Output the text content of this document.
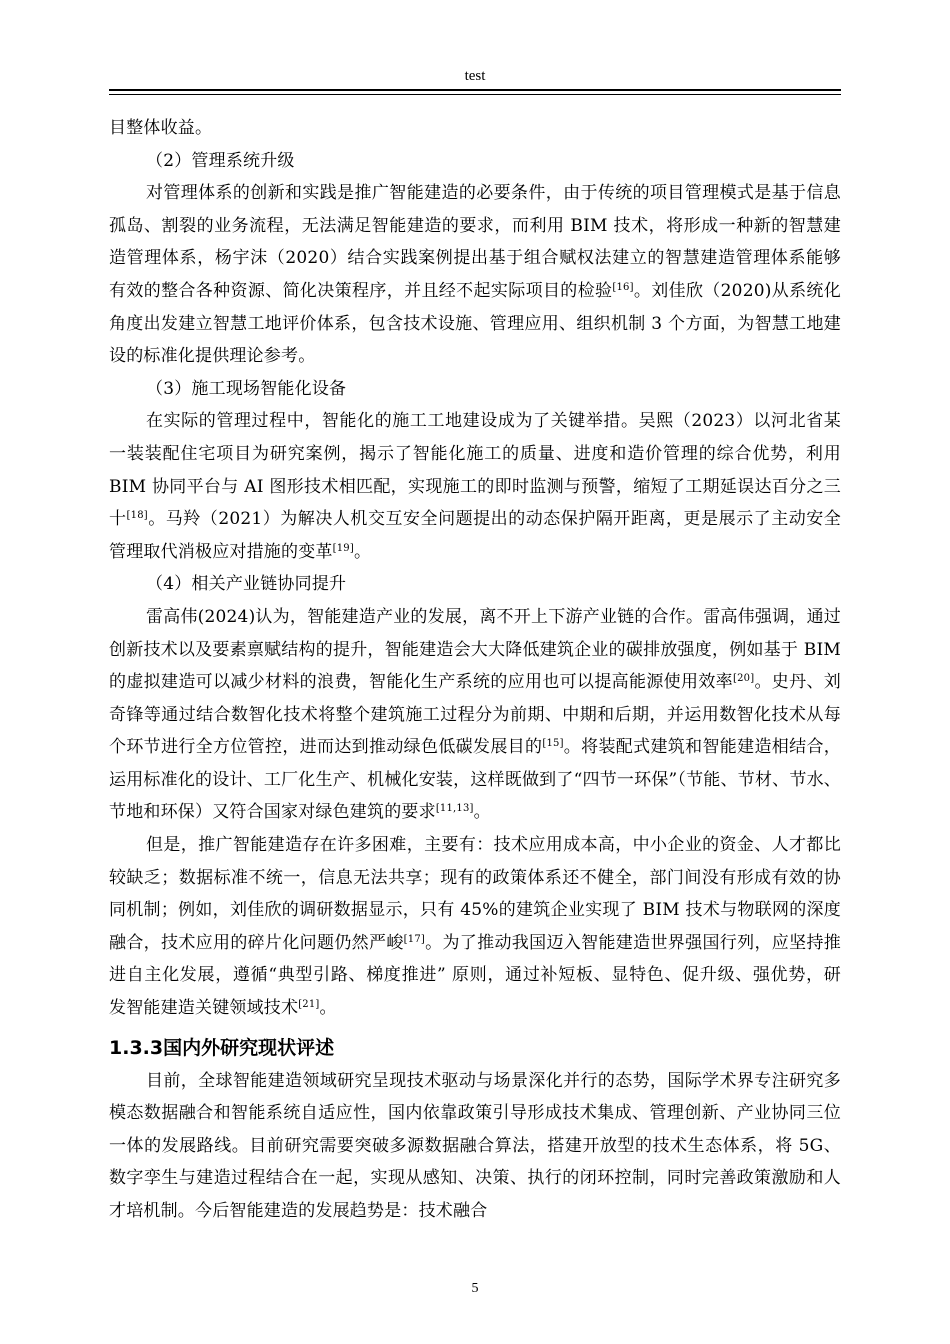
test

目整体收益。

（2）管理系统升级

对管理体系的创新和实践是推广智能建造的必要条件，由于传统的项目管理模式是基于信息孤岛、割裂的业务流程，无法满足智能建造的要求，而利用 BIM 技术，将形成一种新的智慧建造管理体系，杨宇沫（2020）结合实践案例提出基于组合赋权法建立的智慧建造管理体系能够有效的整合各种资源、简化决策程序，并且经不起实际项目的检验[16]。刘佳欣（2020)从系统化角度出发建立智慧工地评价体系，包含技术设施、管理应用、组织机制 3 个方面，为智慧工地建设的标准化提供理论参考。

（3）施工现场智能化设备

在实际的管理过程中，智能化的施工工地建设成为了关键举措。吴熙（2023）以河北省某一装装配住宅项目为研究案例，揭示了智能化施工的质量、进度和造价管理的综合优势，利用 BIM 协同平台与 AI 图形技术相匹配，实现施工的即时监测与预警，缩短了工期延误达百分之三十[18]。马羚（2021）为解决人机交互安全问题提出的动态保护隔开距离，更是展示了主动安全管理取代消极应对措施的变革[19]。

（4）相关产业链协同提升

雷高伟(2024)认为，智能建造产业的发展，离不开上下游产业链的合作。雷高伟强调，通过创新技术以及要素禀赋结构的提升，智能建造会大大降低建筑企业的碳排放强度，例如基于 BIM 的虚拟建造可以减少材料的浪费，智能化生产系统的应用也可以提高能源使用效率[20]。史丹、刘奇锋等通过结合数智化技术将整个建筑施工过程分为前期、中期和后期，并运用数智化技术从每个环节进行全方位管控，进而达到推动绿色低碳发展目的[15]。将装配式建筑和智能建造相结合，运用标准化的设计、工厂化生产、机械化安装，这样既做到了“四节一环保”（节能、节材、节水、节地和环保）又符合国家对绿色建筑的要求[11,13]。

但是，推广智能建造存在许多困难，主要有：技术应用成本高，中小企业的资金、人才都比较缺乏；数据标准不统一，信息无法共享；现有的政策体系还不健全，部门间没有形成有效的协同机制；例如，刘佳欣的调研数据显示，只有 45%的建筑企业实现了 BIM 技术与物联网的深度融合，技术应用的碎片化问题仍然严峻[17]。为了推动我国迈入智能建造世界强国行列，应坚持推进自主化发展，遵循“典型引路、梯度推进” 原则，通过补短板、显特色、促升级、强优势，研 发智能建造关键领域技术[21]。

1.3.3国内外研究现状评述

目前，全球智能建造领域研究呈现技术驱动与场景深化并行的态势，国际学术界专注研究多模态数据融合和智能系统自适应性，国内依靠政策引导形成技术集成、管理创新、产业协同三位一体的发展路线。目前研究需要突破多源数据融合算法，搭建开放型的技术生态体系，将 5G、数字孪生与建造过程结合在一起，实现从感知、决策、执行的闭环控制，同时完善政策激励和人才培机制。今后智能建造的发展趋势是：技术融合

5
